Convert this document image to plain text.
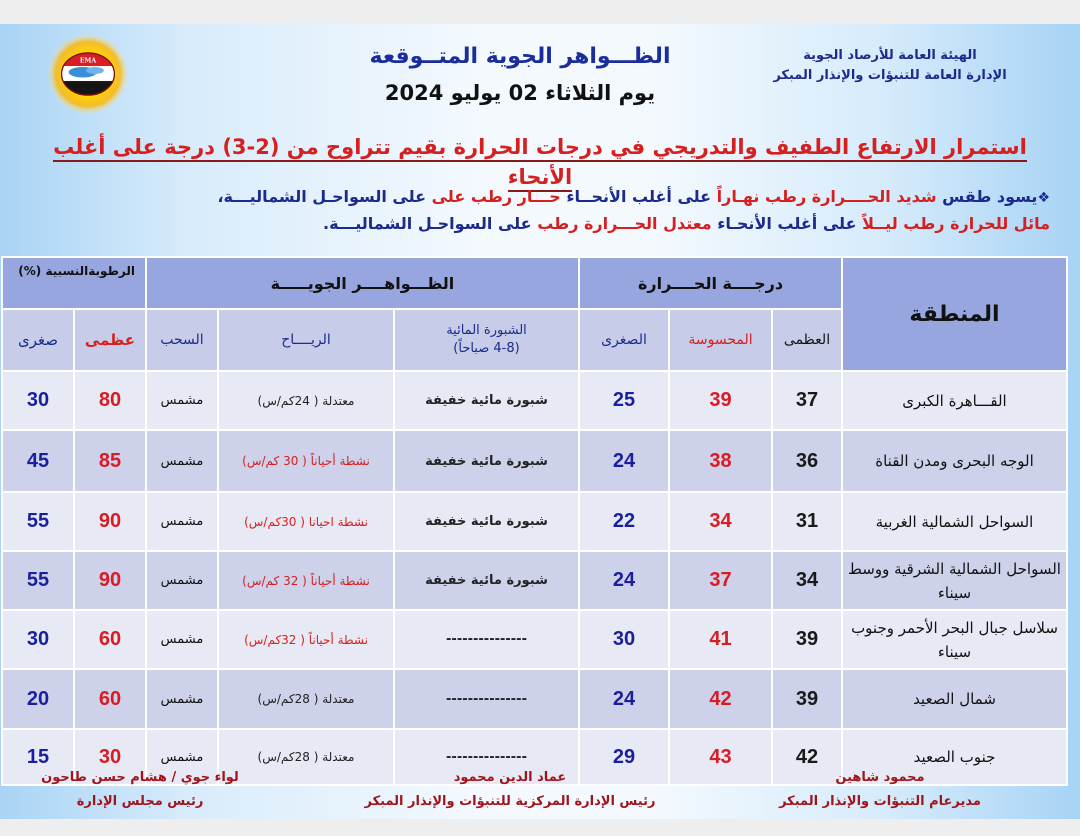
الهيئة العامة للأرصاد الجوية
الإدارة العامة للتنبؤات والإنذار المبكر
الظـــواهر الجوية المتــوقعة
يوم الثلاثاء 02 يوليو 2024
EMA
استمرار الارتفاع الطفيف والتدريجي في درجات الحرارة بقيم تتراوح من (2-3) درجة على أغلب الأنحاء
❖يسود طقس شديد الحــــرارة رطب نهـاراً على أغلب الأنحــاء حـــار رطب على على السواحـل الشماليـــة،
مائل للحرارة رطب ليــلاً على أغلب الأنحـاء معتدل الحـــرارة رطب على السواحـل الشماليـــة.
المنطقة	درجــــة الحــــرارة			الظـــواهــــر الجويـــــة			الرطوبةالنسبية (%)	
	العظمى	المحسوسة	الصغرى	الشبورة المائية
(4-8 صباحاً)	الريــــاح	السحب	عظمى	صغرى
القـــاهرة الكبرى	37	39	25	شبورة مائية خفيفة	معتدلة ( 24كم/س)	مشمس	80	30
الوجه البحرى ومدن القناة	36	38	24	شبورة مائية خفيفة	نشطة أحياناً ( 30 كم/س)	مشمس	85	45
السواحل الشمالية الغربية	31	34	22	شبورة مائية خفيفة	نشطة احيانا ( 30كم/س)	مشمس	90	55
السواحل الشمالية الشرقية ووسط سيناء	34	37	24	شبورة مائية خفيفة	نشطة أحياناً ( 32 كم/س)	مشمس	90	55
سلاسل جبال البحر الأحمر وجنوب سيناء	39	41	30	---------------	نشطة أحياناً ( 32كم/س)	مشمس	60	30
شمال الصعيد	39	42	24	---------------	معتدلة ( 28كم/س)	مشمس	60	20
جنوب الصعيد	42	43	29	---------------	معتدلة ( 28كم/س)	مشمس	30	15
محمود شاهين
مديرعام التنبؤات والإنذار المبكر
عماد الدين محمود
رئيس الإدارة المركزية للتنبؤات والإنذار المبكر
لواء جوي / هشام حسن طاحون
رئيس مجلس الإدارة
